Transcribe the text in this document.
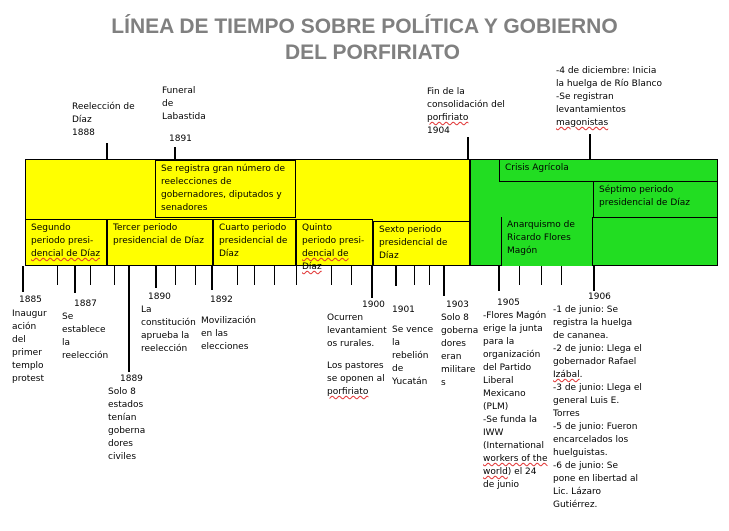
LÍNEA DE TIEMPO SOBRE POLÍTICA Y GOBIERNO
DEL PORFIRIATO
Crisis Agrícola
Séptimo periodo
presidencial de Díaz
Anarquismo de
Ricardo Flores
Magón
Se registra gran número de
reelecciones de
gobernadores, diputados y
senadores
Segundo
periodo presi-
dencial de Díaz
Tercer periodo
presidencial de Díaz
Cuarto periodo
presidencial de
Díaz
Quinto
periodo presi-
dencial de Díaz
Sexto periodo
presidencial de Díaz
Reelección de
Díaz
1888
Funeral
de
Labastida
1891
Fin de la
consolidación del
porfiriato
1904
-4 de diciembre: Inicia
la huelga de Río Blanco
-Se registran
levantamientos
magonistas
1885
Inaugur
ación
del
primer
templo
protest
1887
Se
establece
la
reelección
1889
Solo 8
estados
tenían
goberna
dores
civiles
1890
La
constitución
aprueba la
reelección
1892
Movilización
en las
elecciones
1900
Ocurren
levantamient
os rurales.
Los pastores
se oponen al
porfiriato
1901
Se vence
la
rebelión
de
Yucatán
1903
Solo 8
goberna
dores
eran
militare
s
1905
-Flores Magón
erige la junta
para la
organización
del Partido
Liberal
Mexicano
(PLM)
-Se funda la
IWW
(International
workers of the
world) el 24
de junio
1906
-1 de junio: Se
registra la huelga
de cananea.
-2 de junio: Llega el
gobernador Rafael
Izábal.
-3 de junio: Llega el
general Luis E.
Torres
-5 de junio: Fueron
encarcelados los
huelguistas.
-6 de junio: Se
pone en libertad al
Lic. Lázaro
Gutiérrez.
